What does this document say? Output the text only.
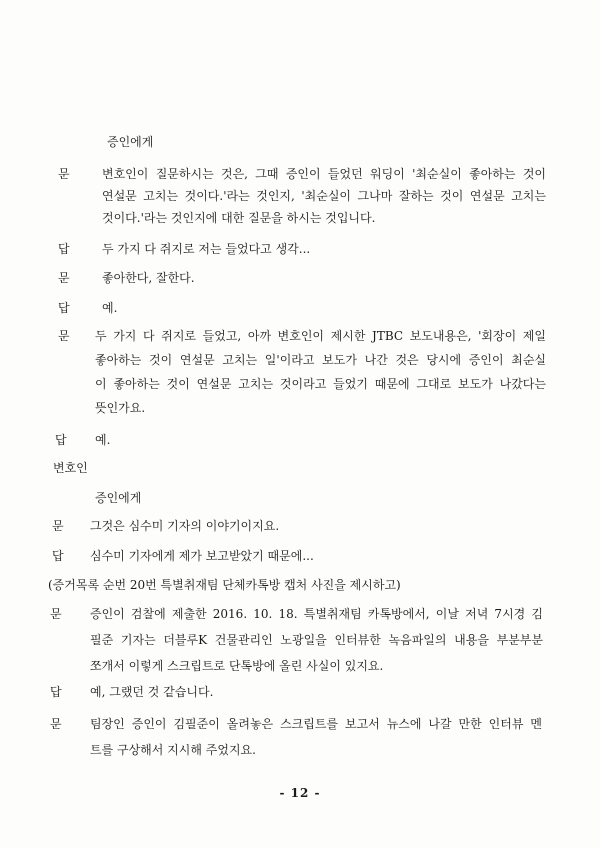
증인에게
문	변호인이 질문하시는 것은, 그때 증인이 들었던 워딩이 '최순실이 좋아하는 것이
연설문 고치는 것이다.'라는 것인지, '최순실이 그나마 잘하는 것이 연설문 고치는
것이다.'라는 것인지에 대한 질문을 하시는 것입니다.
답	두 가지 다 쥐지로 저는 들었다고 생각...
문	좋아한다, 잘한다.
답	예.
문 두 가지 다 쥐지로 들었고, 아까 변호인이 제시한 JTBC 보도내용은, '회장이 제일
좋아하는 것이 연설문 고치는 일'이라고 보도가 나간 것은 당시에 증인이 최순실
이 좋아하는 것이 연설문 고치는 것이라고 들었기 때문에 그대로 보도가 나갔다는
뜻인가요.
답 예.
변호인
증인에게
문 그것은 심수미 기자의 이야기이지요.
답 심수미 기자에게 제가 보고받았기 때문에...
(증거목록 순번 20번 특별취재팀 단체카톡방 캡처 사진을 제시하고)
문 증인이 검찰에 제출한 2016. 10. 18. 특별취재팀 카톡방에서, 이날 저녁 7시경 김
필준 기자는 더블루K 건물관리인 노광일을 인터뷰한 녹음파일의 내용을 부분부분
쪼개서 이렇게 스크립트로 단톡방에 올린 사실이 있지요.
답 예, 그랬던 것 같습니다.
문 팀장인 증인이 김필준이 올려놓은 스크립트를 보고서 뉴스에 나갈 만한 인터뷰 멘
트를 구상해서 지시해 주었지요.
- 12 -
